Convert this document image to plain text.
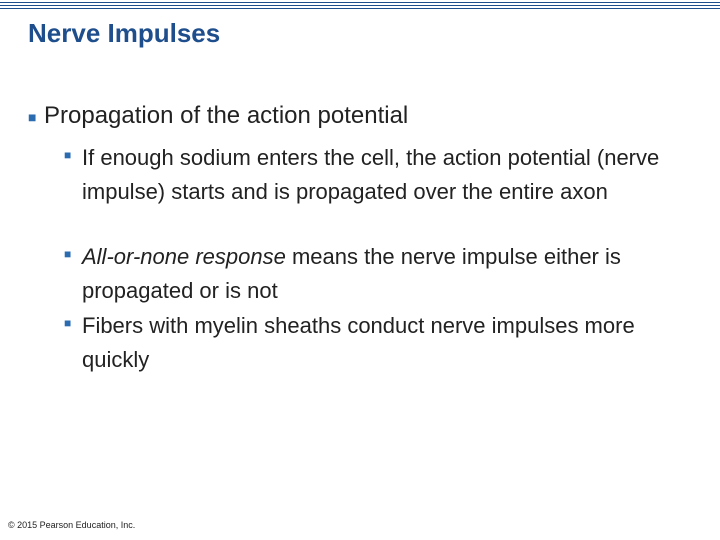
Nerve Impulses
■ Propagation of the action potential
■ If enough sodium enters the cell, the action potential (nerve impulse) starts and is propagated over the entire axon
■ All-or-none response means the nerve impulse either is propagated or is not
■ Fibers with myelin sheaths conduct nerve impulses more quickly
© 2015 Pearson Education, Inc.
